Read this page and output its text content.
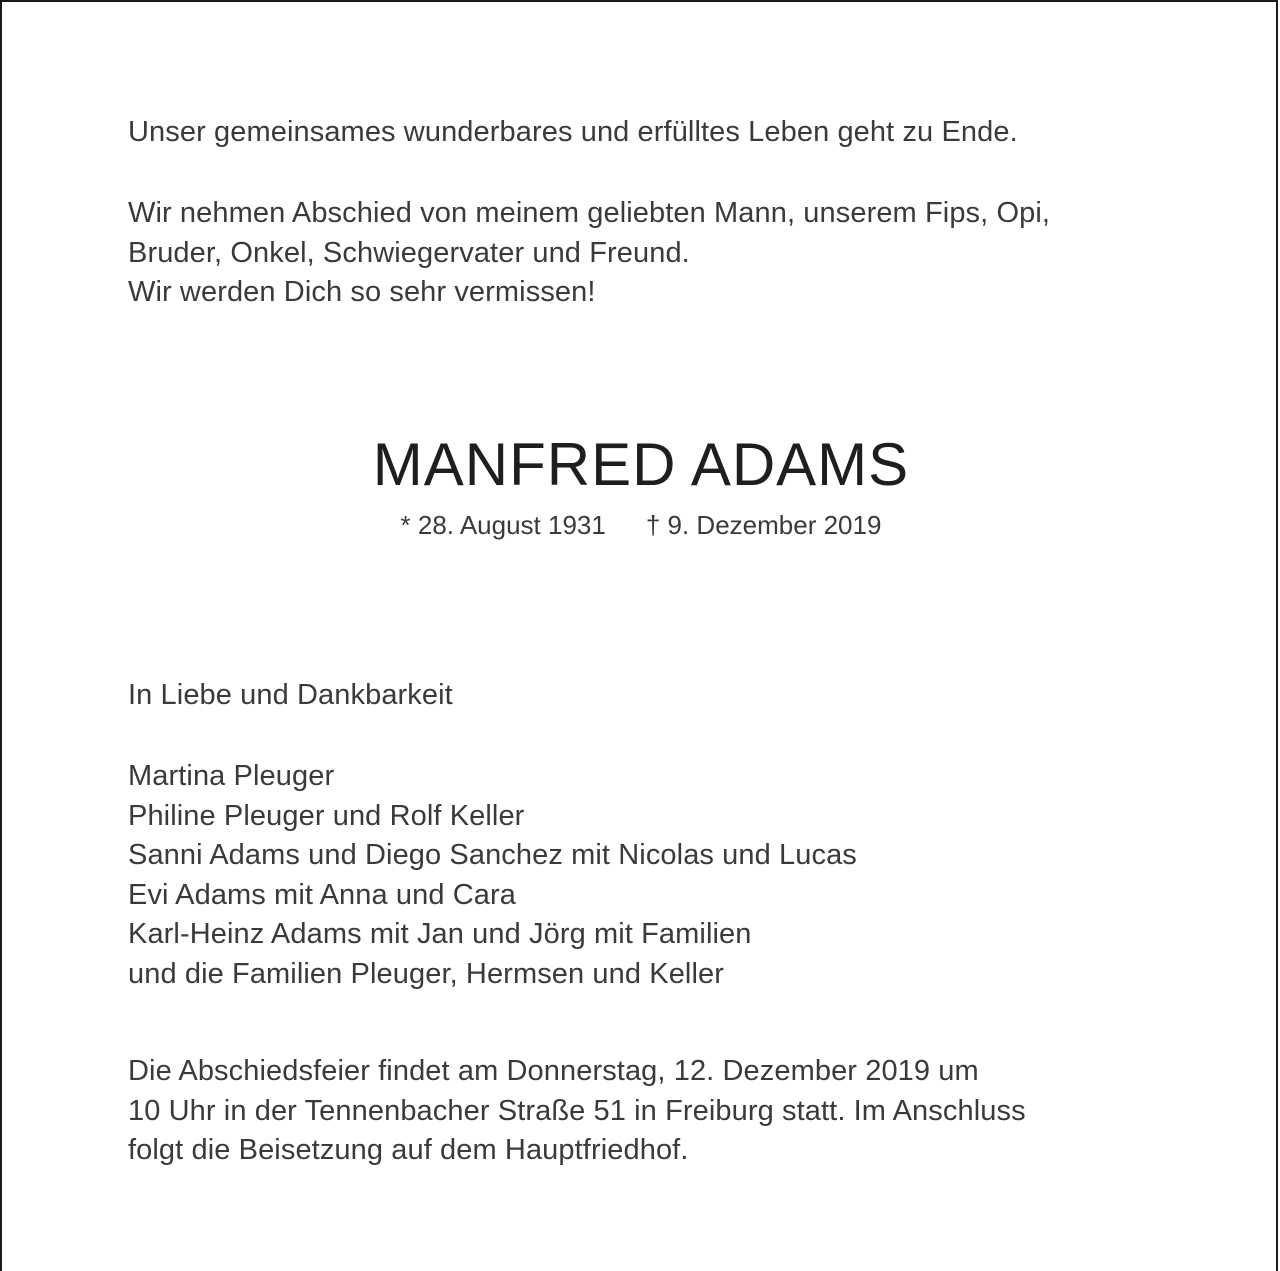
Unser gemeinsames wunderbares und erfülltes Leben geht zu Ende.
Wir nehmen Abschied von meinem geliebten Mann, unserem Fips, Opi,
Bruder, Onkel, Schwiegervater und Freund.
Wir werden Dich so sehr vermissen!
MANFRED ADAMS
* 28. August 1931 † 9. Dezember 2019
In Liebe und Dankbarkeit
Martina Pleuger
Philine Pleuger und Rolf Keller
Sanni Adams und Diego Sanchez mit Nicolas und Lucas
Evi Adams mit Anna und Cara
Karl-Heinz Adams mit Jan und Jörg mit Familien
und die Familien Pleuger, Hermsen und Keller
Die Abschiedsfeier findet am Donnerstag, 12. Dezember 2019 um
10 Uhr in der Tennenbacher Straße 51 in Freiburg statt. Im Anschluss
folgt die Beisetzung auf dem Hauptfriedhof.
